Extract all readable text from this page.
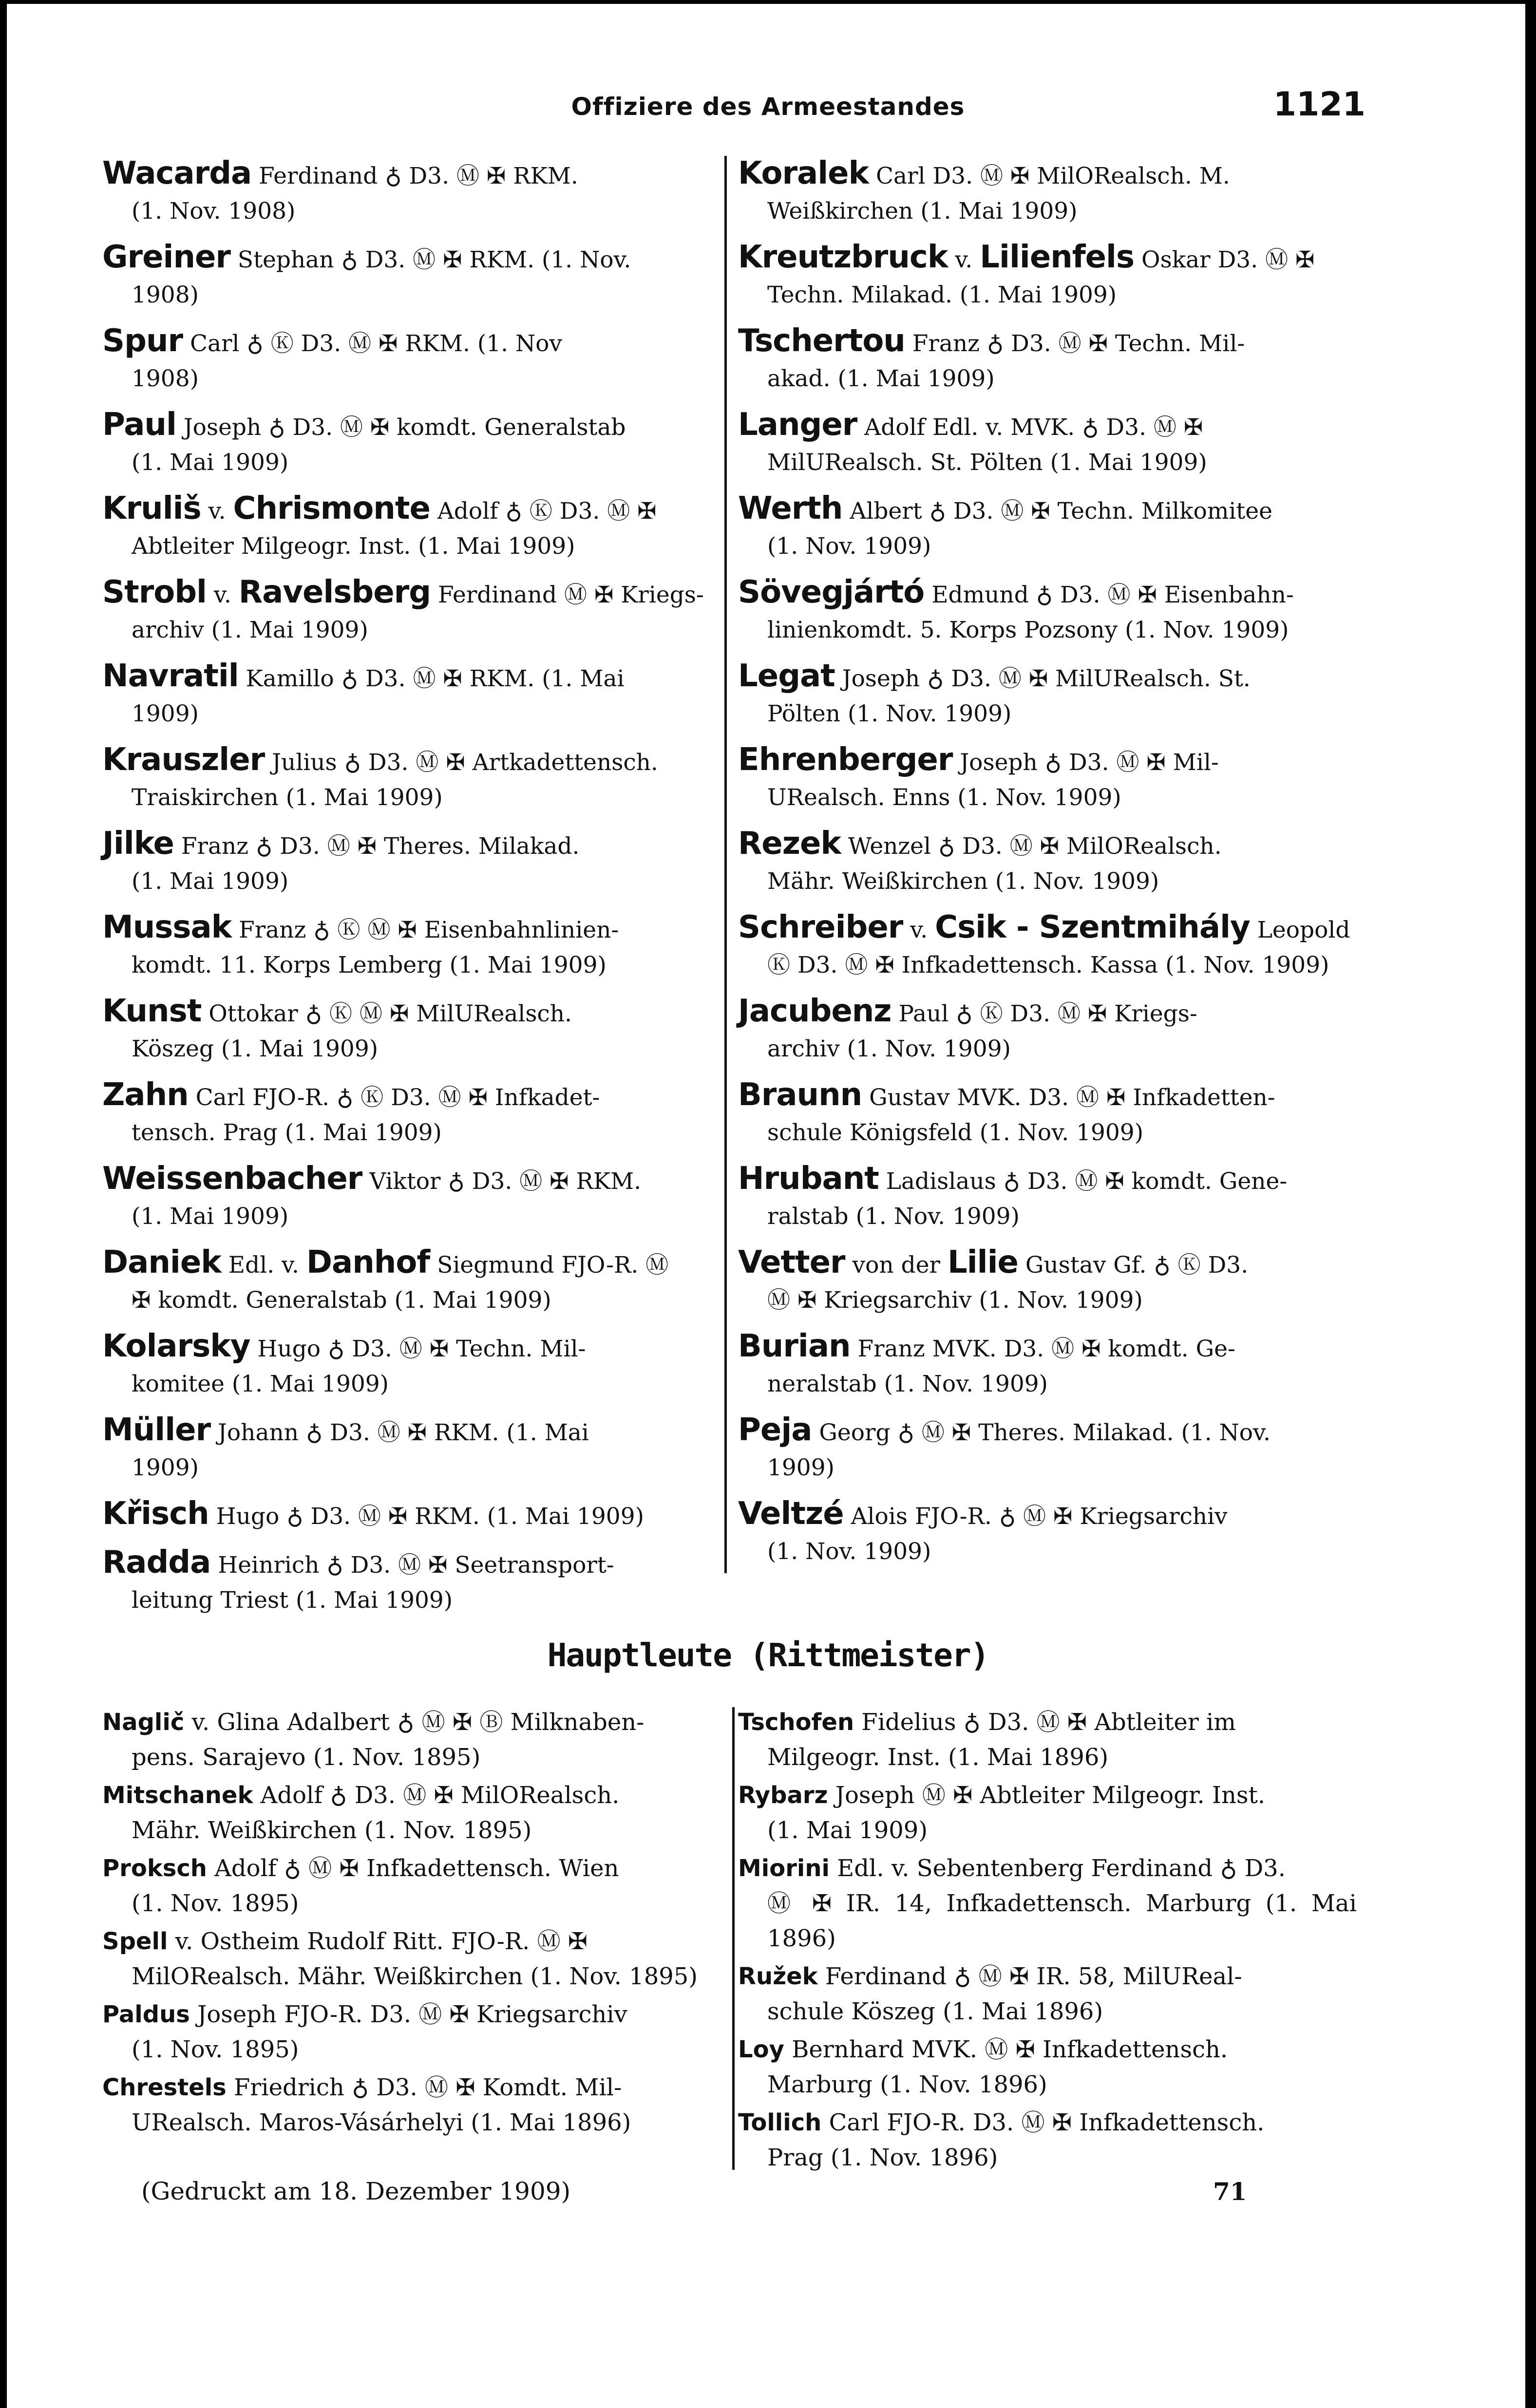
Offiziere des Armeestandes	1121
Wacarda Ferdinand ♁ D3. Ⓜ ✠ RKM.
(1. Nov. 1908)
Greiner Stephan ♁ D3. Ⓜ ✠ RKM. (1. Nov.
1908)
Spur Carl ♁ Ⓚ D3. Ⓜ ✠ RKM. (1. Nov
1908)
Paul Joseph ♁ D3. Ⓜ ✠ komdt. Generalstab
(1. Mai 1909)
Kruliš v. Chrismonte Adolf ♁ Ⓚ D3. Ⓜ ✠
Abtleiter Milgeogr. Inst. (1. Mai 1909)
Strobl v. Ravelsberg Ferdinand Ⓜ ✠ Kriegs-
archiv (1. Mai 1909)
Navratil Kamillo ♁ D3. Ⓜ ✠ RKM. (1. Mai
1909)
Krauszler Julius ♁ D3. Ⓜ ✠ Artkadettensch.
Traiskirchen (1. Mai 1909)
Jilke Franz ♁ D3. Ⓜ ✠ Theres. Milakad.
(1. Mai 1909)
Mussak Franz ♁ Ⓚ Ⓜ ✠ Eisenbahnlinien-
komdt. 11. Korps Lemberg (1. Mai 1909)
Kunst Ottokar ♁ Ⓚ Ⓜ ✠ MilURealsch.
Köszeg (1. Mai 1909)
Zahn Carl FJO-R. ♁ Ⓚ D3. Ⓜ ✠ Infkadet-
tensch. Prag (1. Mai 1909)
Weissenbacher Viktor ♁ D3. Ⓜ ✠ RKM.
(1. Mai 1909)
Daniek Edl. v. Danhof Siegmund FJO-R. Ⓜ
✠ komdt. Generalstab (1. Mai 1909)
Kolarsky Hugo ♁ D3. Ⓜ ✠ Techn. Mil-
komitee (1. Mai 1909)
Müller Johann ♁ D3. Ⓜ ✠ RKM. (1. Mai
1909)
Křisch Hugo ♁ D3. Ⓜ ✠ RKM. (1. Mai 1909)
Radda Heinrich ♁ D3. Ⓜ ✠ Seetransport-
leitung Triest (1. Mai 1909)
Koralek Carl D3. Ⓜ ✠ MilORealsch. M.
Weißkirchen (1. Mai 1909)
Kreutzbruck v. Lilienfels Oskar D3. Ⓜ ✠
Techn. Milakad. (1. Mai 1909)
Tschertou Franz ♁ D3. Ⓜ ✠ Techn. Mil-
akad. (1. Mai 1909)
Langer Adolf Edl. v. MVK. ♁ D3. Ⓜ ✠
MilURealsch. St. Pölten (1. Mai 1909)
Werth Albert ♁ D3. Ⓜ ✠ Techn. Milkomitee
(1. Nov. 1909)
Sövegjártó Edmund ♁ D3. Ⓜ ✠ Eisenbahn-
linienkomdt. 5. Korps Pozsony (1. Nov. 1909)
Legat Joseph ♁ D3. Ⓜ ✠ MilURealsch. St.
Pölten (1. Nov. 1909)
Ehrenberger Joseph ♁ D3. Ⓜ ✠ Mil-
URealsch. Enns (1. Nov. 1909)
Rezek Wenzel ♁ D3. Ⓜ ✠ MilORealsch.
Mähr. Weißkirchen (1. Nov. 1909)
Schreiber v. Csik - Szentmihály Leopold
Ⓚ D3. Ⓜ ✠ Infkadettensch. Kassa (1. Nov. 1909)
Jacubenz Paul ♁ Ⓚ D3. Ⓜ ✠ Kriegs-
archiv (1. Nov. 1909)
Braunn Gustav MVK. D3. Ⓜ ✠ Infkadetten-
schule Königsfeld (1. Nov. 1909)
Hrubant Ladislaus ♁ D3. Ⓜ ✠ komdt. Gene-
ralstab (1. Nov. 1909)
Vetter von der Lilie Gustav Gf. ♁ Ⓚ D3.
Ⓜ ✠ Kriegsarchiv (1. Nov. 1909)
Burian Franz MVK. D3. Ⓜ ✠ komdt. Ge-
neralstab (1. Nov. 1909)
Peja Georg ♁ Ⓜ ✠ Theres. Milakad. (1. Nov.
1909)
Veltzé Alois FJO-R. ♁ Ⓜ ✠ Kriegsarchiv
(1. Nov. 1909)
Hauptleute (Rittmeister)
Naglič v. Glina Adalbert ♁ Ⓜ ✠ Ⓑ Milknaben-
pens. Sarajevo (1. Nov. 1895)
Mitschanek Adolf ♁ D3. Ⓜ ✠ MilORealsch.
Mähr. Weißkirchen (1. Nov. 1895)
Proksch Adolf ♁ Ⓜ ✠ Infkadettensch. Wien
(1. Nov. 1895)
Spell v. Ostheim Rudolf Ritt. FJO-R. Ⓜ ✠
MilORealsch. Mähr. Weißkirchen (1. Nov. 1895)
Paldus Joseph FJO-R. D3. Ⓜ ✠ Kriegsarchiv
(1. Nov. 1895)
Chrestels Friedrich ♁ D3. Ⓜ ✠ Komdt. Mil-
URealsch. Maros-Vásárhelyi (1. Mai 1896)
Tschofen Fidelius ♁ D3. Ⓜ ✠ Abtleiter im
Milgeogr. Inst. (1. Mai 1896)
Rybarz Joseph Ⓜ ✠ Abtleiter Milgeogr. Inst.
(1. Mai 1909)
Miorini Edl. v. Sebentenberg Ferdinand ♁ D3.
Ⓜ ✠ IR. 14, Infkadettensch. Marburg (1. Mai 1896)
Ružek Ferdinand ♁ Ⓜ ✠ IR. 58, MilUReal-
schule Köszeg (1. Mai 1896)
Loy Bernhard MVK. Ⓜ ✠ Infkadettensch.
Marburg (1. Nov. 1896)
Tollich Carl FJO-R. D3. Ⓜ ✠ Infkadettensch.
Prag (1. Nov. 1896)
(Gedruckt am 18. Dezember 1909)	71
